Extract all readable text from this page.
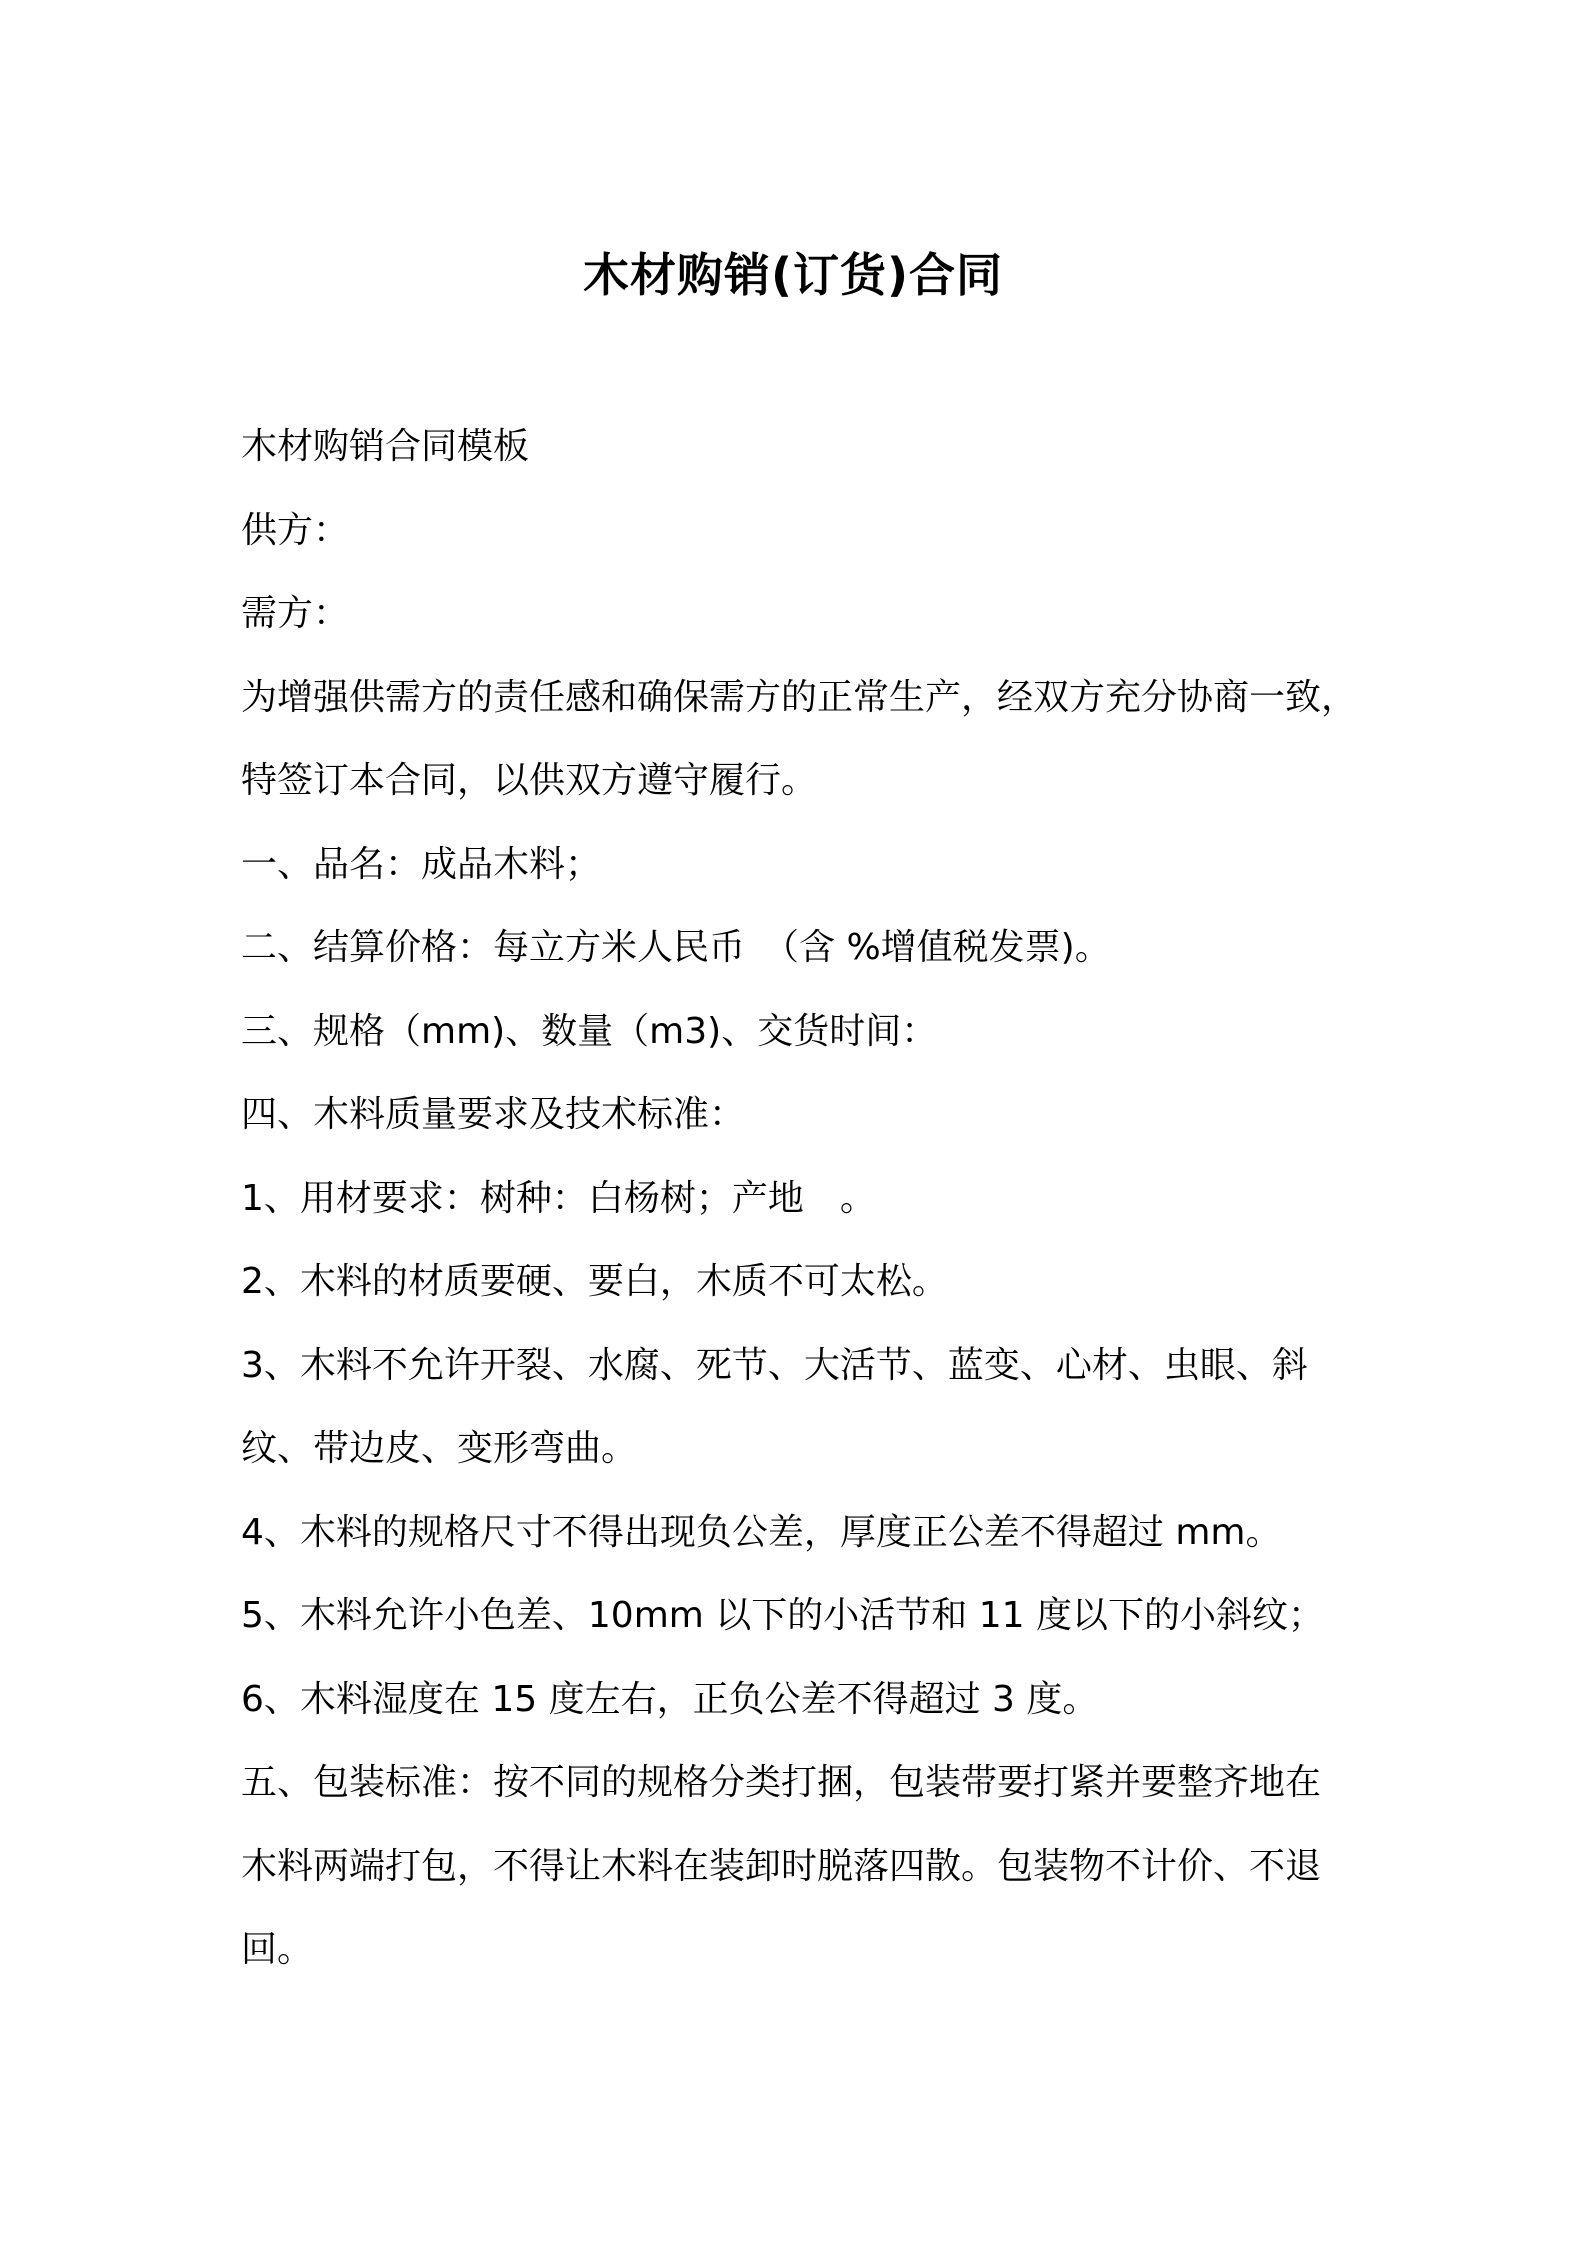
木材购销(订货)合同

木材购销合同模板

供方：

需方：

为增强供需方的责任感和确保需方的正常生产，经双方充分协商一致，

特签订本合同，以供双方遵守履行。

一、品名：成品木料；

二、结算价格：每立方米人民币　（含 %增值税发票)。

三、规格（mm)、数量（m3)、交货时间：

四、木料质量要求及技术标准：

1、用材要求：树种：白杨树；产地　。

2、木料的材质要硬、要白，木质不可太松。

3、木料不允许开裂、水腐、死节、大活节、蓝变、心材、虫眼、斜

纹、带边皮、变形弯曲。

4、木料的规格尺寸不得出现负公差，厚度正公差不得超过 mm。

5、木料允许小色差、10mm 以下的小活节和 11 度以下的小斜纹；

6、木料湿度在 15 度左右，正负公差不得超过 3 度。

五、包装标准：按不同的规格分类打捆，包装带要打紧并要整齐地在

木料两端打包，不得让木料在装卸时脱落四散。包装物不计价、不退

回。
